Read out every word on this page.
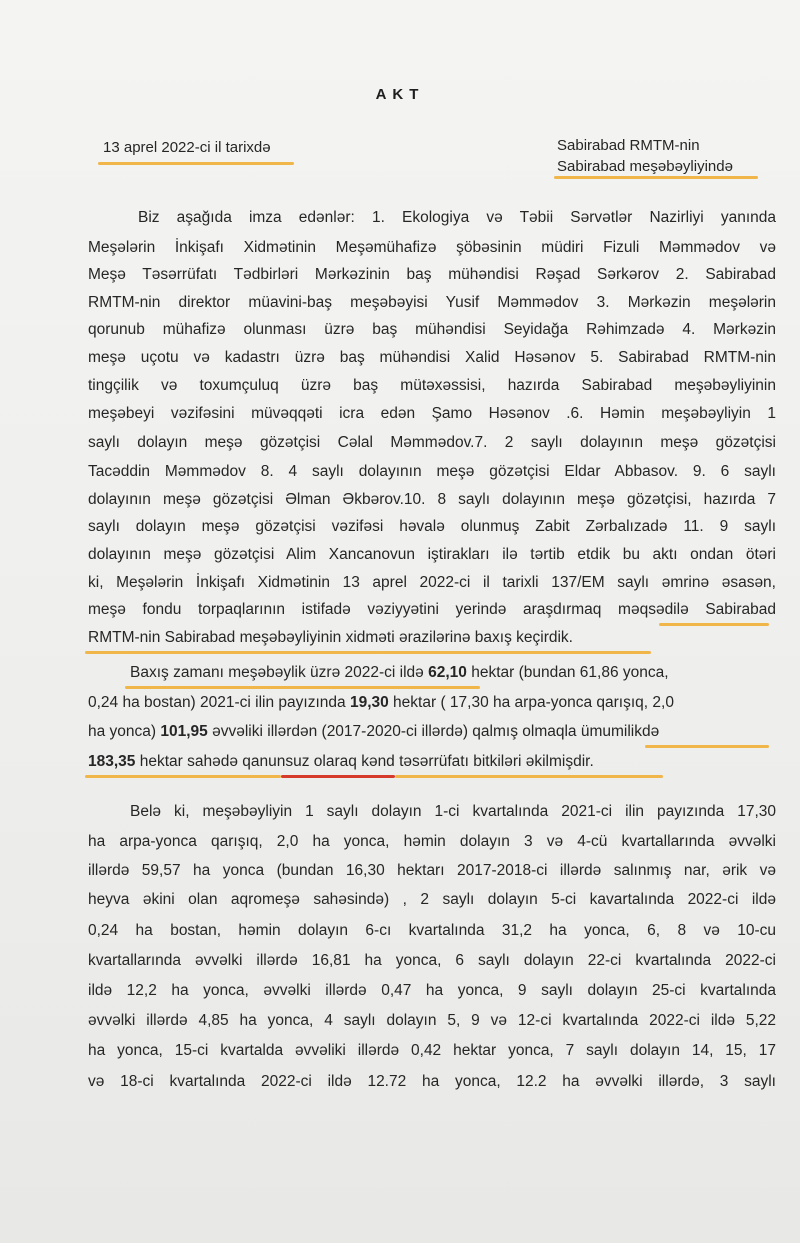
AKT
13 aprel 2022-ci il tarixdə	Sabirabad RMTM-nin
Sabirabad meşəbəyliyində
Biz aşağıda imza edənlər: 1. Ekologiya və Təbii Sərvətlər Nazirliyi yanında
Meşələrin İnkişafı Xidmətinin Meşəmühafizə şöbəsinin müdiri Fizuli Məmmədov və
Meşə Təsərrüfatı Tədbirləri Mərkəzinin baş mühəndisi Rəşad Sərkərov 2. Sabirabad
RMTM-nin direktor müavini-baş meşəbəyisi Yusif Məmmədov 3. Mərkəzin meşələrin
qorunub mühafizə olunması üzrə baş mühəndisi Seyidağa Rəhimzadə 4. Mərkəzin
meşə uçotu və kadastrı üzrə baş mühəndisi Xalid Həsənov 5. Sabirabad RMTM-nin
tingçilik və toxumçuluq üzrə baş mütəxəssisi, hazırda Sabirabad meşəbəyliyinin
meşəbeyi vəzifəsini müvəqqəti icra edən Şamo Həsənov .6. Həmin meşəbəyliyin 1
saylı dolayın meşə gözətçisi Cəlal Məmmədov.7. 2 saylı dolayının meşə gözətçisi
Tacəddin Məmmədov 8. 4 saylı dolayının meşə gözətçisi Eldar Abbasov. 9. 6 saylı
dolayının meşə gözətçisi Əlman Əkbərov.10. 8 saylı dolayının meşə gözətçisi, hazırda 7
saylı dolayın meşə gözətçisi vəzifəsi həvalə olunmuş Zabit Zərbalızadə 11. 9 saylı
dolayının meşə gözətçisi Alim Xancanovun iştirakları ilə tərtib etdik bu aktı ondan ötəri
ki, Meşələrin İnkişafı Xidmətinin 13 aprel 2022-ci il tarixli 137/EM saylı əmrinə əsasən,
meşə fondu torpaqlarının istifadə vəziyyətini yerində araşdırmaq məqsədilə Sabirabad
RMTM-nin Sabirabad meşəbəyliyinin xidməti ərazilərinə baxış keçirdik.
Baxış zamanı meşəbəylik üzrə 2022-ci ildə 62,10 hektar (bundan 61,86 yonca,
0,24 ha bostan) 2021-ci ilin payızında 19,30 hektar ( 17,30 ha arpa-yonca qarışıq, 2,0
ha yonca) 101,95 əvvəliki illərdən (2017-2020-ci illərdə) qalmış olmaqla ümumilikdə
183,35 hektar sahədə qanunsuz olaraq kənd təsərrüfatı bitkiləri əkilmişdir.
Belə ki, meşəbəyliyin 1 saylı dolayın 1-ci kvartalında 2021-ci ilin payızında 17,30
ha arpa-yonca qarışıq, 2,0 ha yonca, həmin dolayın 3 və 4-cü kvartallarında əvvəlki
illərdə 59,57 ha yonca (bundan 16,30 hektarı 2017-2018-ci illərdə salınmış nar, ərik və
heyva əkini olan aqromeşə sahəsində) , 2 saylı dolayın 5-ci kavartalında 2022-ci ildə
0,24 ha bostan, həmin dolayın 6-cı kvartalında 31,2 ha yonca, 6, 8 və 10-cu
kvartallarında əvvəlki illərdə 16,81 ha yonca, 6 saylı dolayın 22-ci kvartalında 2022-ci
ildə 12,2 ha yonca, əvvəlki illərdə 0,47 ha yonca, 9 saylı dolayın 25-ci kvartalında
əvvəlki illərdə 4,85 ha yonca, 4 saylı dolayın 5, 9 və 12-ci kvartalında 2022-ci ildə 5,22
ha yonca, 15-ci kvartalda əvvəliki illərdə 0,42 hektar yonca, 7 saylı dolayın 14, 15, 17
və 18-ci kvartalında 2022-ci ildə 12.72 ha yonca, 12.2 ha əvvəlki illərdə, 3 saylı
